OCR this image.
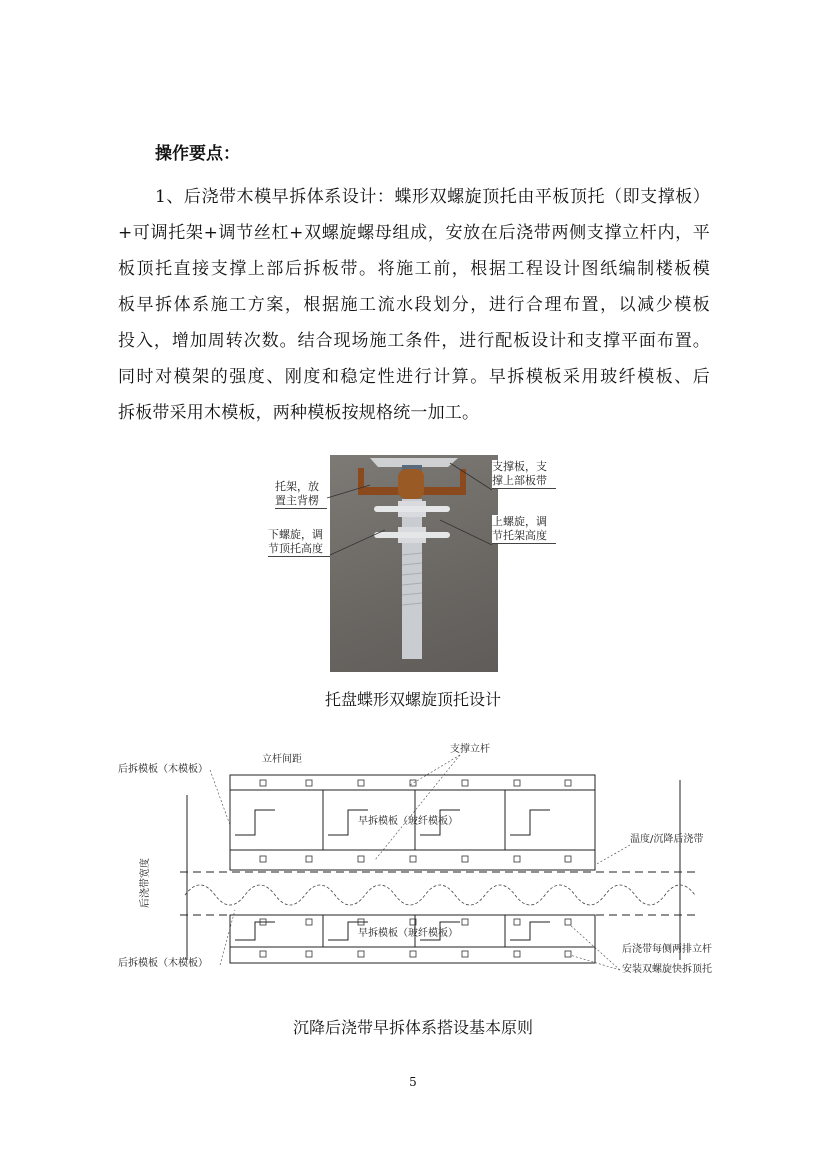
操作要点：
1、后浇带木模早拆体系设计：蝶形双螺旋顶托由平板顶托（即支撑板）
+可调托架+调节丝杠+双螺旋螺母组成，安放在后浇带两侧支撑立杆内，平
板顶托直接支撑上部后拆板带。将施工前，根据工程设计图纸编制楼板模
板早拆体系施工方案，根据施工流水段划分，进行合理布置，以减少模板
投入，增加周转次数。结合现场施工条件，进行配板设计和支撑平面布置。
同时对模架的强度、刚度和稳定性进行计算。早拆模板采用玻纤模板、后
拆板带采用木模板，两种模板按规格统一加工。
托架，放置主背楞
支撑板，支撑上部板带
下螺旋，调节顶托高度
上螺旋，调节托架高度
托盘蝶形双螺旋顶托设计
后拆模板（木模板）
立杆间距
支撑立杆
早拆模板（玻纤模板）
温度/沉降后浇带
后浇带宽度
早拆模板（玻纤模板）
后拆模板（木模板）
后浇带每侧两排立杆
安装双螺旋快拆顶托
沉降后浇带早拆体系搭设基本原则
5
